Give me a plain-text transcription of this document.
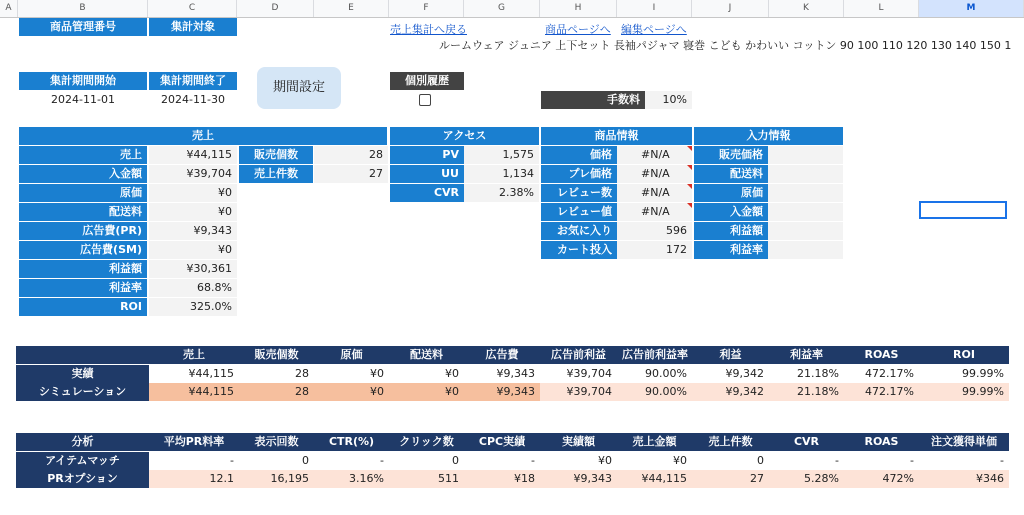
A	B	C	D	E	F	G	H	I	J	K	L	M
商品管理番号	集計対象	売上集計へ戻る	商品ページへ 編集ページへ
ルームウェア ジュニア 上下セット 長袖パジャマ 寝巻 こども かわいい コットン 90 100 110 120 130 140 150 1
集計期間開始	集計期間終了
2024-11-01	2024-11-30
期間設定	個別履歴
手数料	10%
売上
売上	¥44,115
入金額	¥39,704
原価	¥0
配送料	¥0
広告費(PR)	¥9,343
広告費(SM)	¥0
利益額	¥30,361
利益率	68.8%
ROI	325.0%
販売個数	28
売上件数	27
アクセス
PV	1,575
UU	1,134
CVR	2.38%
商品情報
価格	#N/A
プレ価格	#N/A
レビュー数	#N/A
レビュー値	#N/A
お気に入り	596
カート投入	172
入力情報
販売価格
配送料
原価
入金額
利益額
利益率
売上	販売個数	原価	配送料	広告費	広告前利益	広告前利益率	利益	利益率	ROAS	ROI
実績	¥44,115	28	¥0	¥0	¥9,343	¥39,704	90.00%	¥9,342	21.18%	472.17%	99.99%
シミュレーション	¥44,115	28	¥0	¥0	¥9,343	¥39,704	90.00%	¥9,342	21.18%	472.17%	99.99%
分析	平均PR料率	表示回数	CTR(%)	クリック数	CPC実績	実績額	売上金額	売上件数	CVR	ROAS	注文獲得単価
アイテムマッチ	-	0	-	0	-	¥0	¥0	0	-	-	-
PRオプション	12.1	16,195	3.16%	511	¥18	¥9,343	¥44,115	27	5.28%	472%	¥346
